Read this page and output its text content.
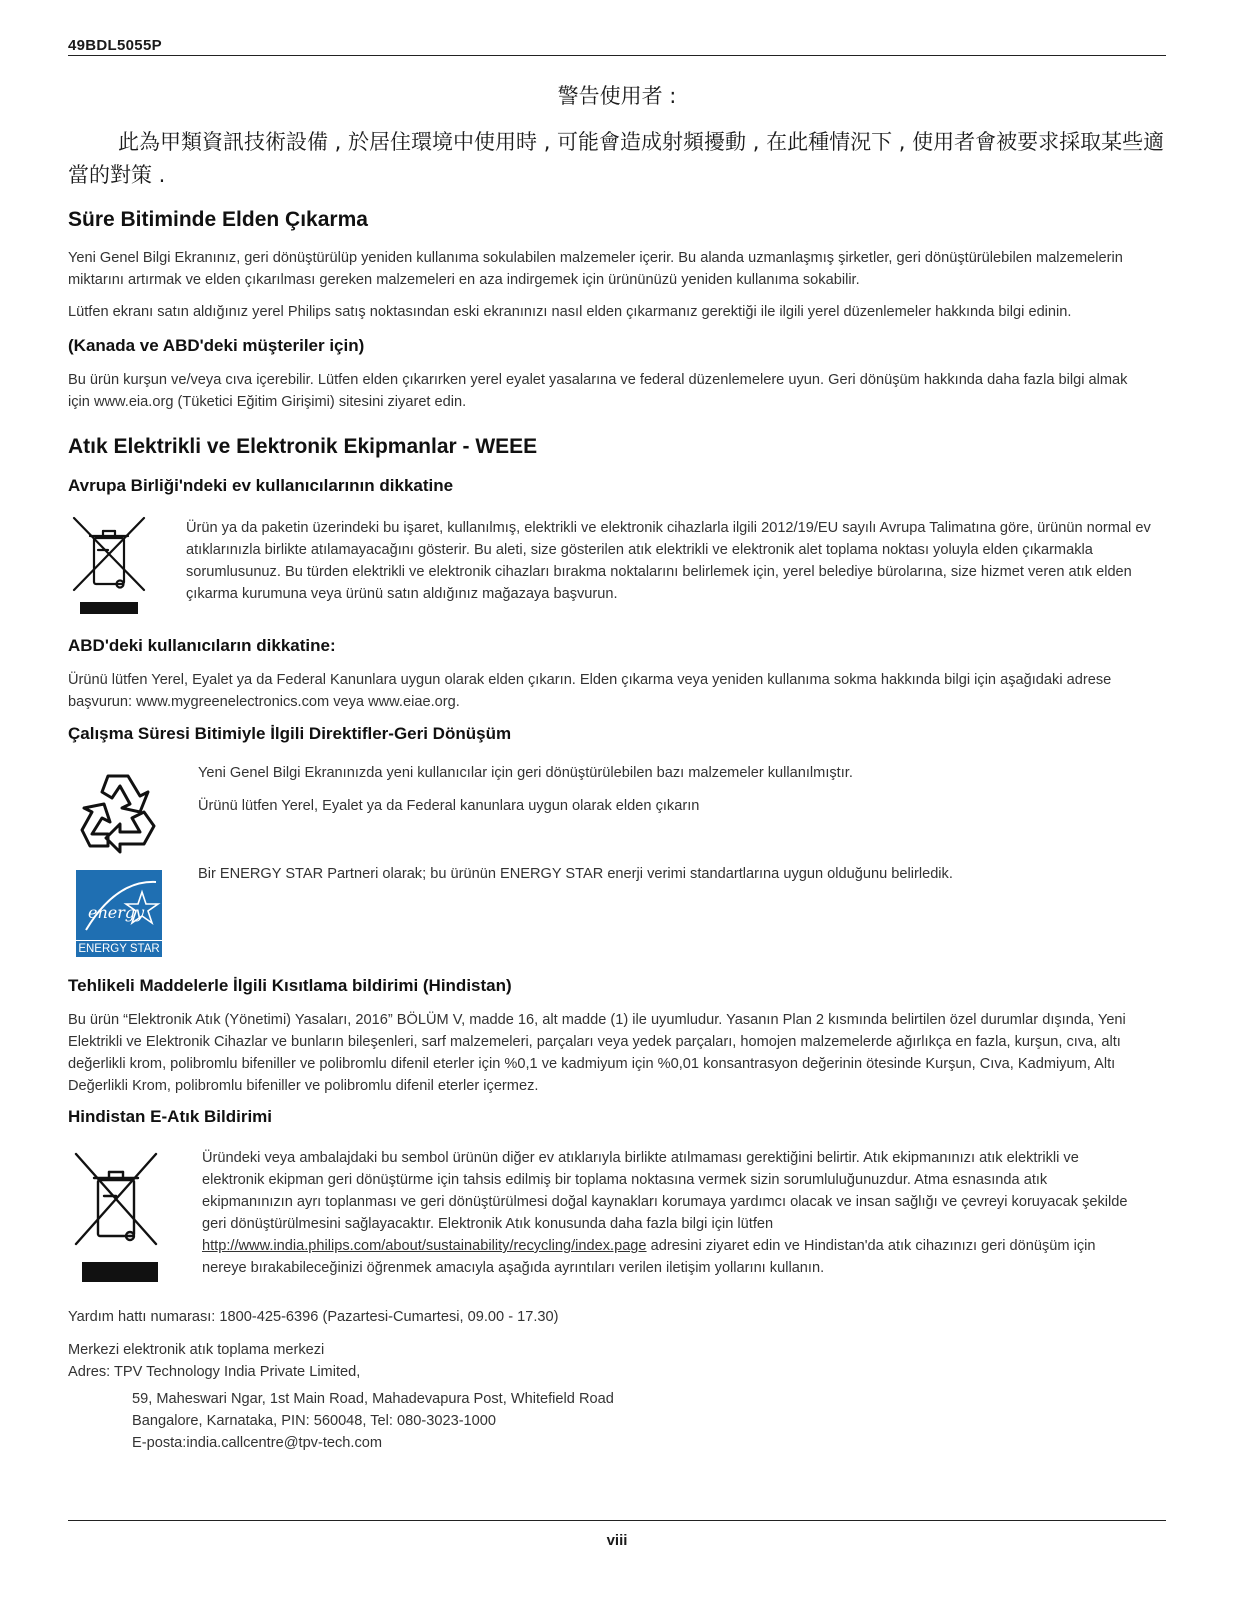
49BDL5055P
警告使用者 :
此為甲類資訊技術設備 , 於居住環境中使用時 , 可能會造成射頻擾動 , 在此種情況下 , 使用者會被要求採取某些適當的對策 .
Süre Bitiminde Elden Çıkarma
Yeni Genel Bilgi Ekranınız, geri dönüştürülüp yeniden kullanıma sokulabilen malzemeler içerir. Bu alanda uzmanlaşmış şirketler, geri dönüştürülebilen malzemelerin miktarını artırmak ve elden çıkarılması gereken malzemeleri en aza indirgemek için ürününüzü yeniden kullanıma sokabilir.
Lütfen ekranı satın aldığınız yerel Philips satış noktasından eski ekranınızı nasıl elden çıkarmanız gerektiği ile ilgili yerel düzenlemeler hakkında bilgi edinin.
(Kanada ve ABD'deki müşteriler için)
Bu ürün kurşun ve/veya cıva içerebilir. Lütfen elden çıkarırken yerel eyalet yasalarına ve federal düzenlemelere uyun. Geri dönüşüm hakkında daha fazla bilgi almak için www.eia.org (Tüketici Eğitim Girişimi) sitesini ziyaret edin.
Atık Elektrikli ve Elektronik Ekipmanlar - WEEE
Avrupa Birliği'ndeki ev kullanıcılarının dikkatine
Ürün ya da paketin üzerindeki bu işaret, kullanılmış, elektrikli ve elektronik cihazlarla ilgili 2012/19/EU sayılı Avrupa Talimatına göre, ürünün normal ev atıklarınızla birlikte atılamayacağını gösterir. Bu aleti, size gösterilen atık elektrikli ve elektronik alet toplama noktası yoluyla elden çıkarmakla sorumlusunuz. Bu türden elektrikli ve elektronik cihazları bırakma noktalarını belirlemek için, yerel belediye bürolarına, size hizmet veren atık elden çıkarma kurumuna veya ürünü satın aldığınız mağazaya başvurun.
ABD'deki kullanıcıların dikkatine:
Ürünü lütfen Yerel, Eyalet ya da Federal Kanunlara uygun olarak elden çıkarın. Elden çıkarma veya yeniden kullanıma sokma hakkında bilgi için aşağıdaki adrese başvurun: www.mygreenelectronics.com veya www.eiae.org.
Çalışma Süresi Bitimiyle İlgili Direktifler-Geri Dönüşüm
Yeni Genel Bilgi Ekranınızda yeni kullanıcılar için geri dönüştürülebilen bazı malzemeler kullanılmıştır.
Ürünü lütfen Yerel, Eyalet ya da Federal kanunlara uygun olarak elden çıkarın
energy
ENERGY STAR
Bir ENERGY STAR Partneri olarak; bu ürünün ENERGY STAR enerji verimi standartlarına uygun olduğunu belirledik.
Tehlikeli Maddelerle İlgili Kısıtlama bildirimi (Hindistan)
Bu ürün “Elektronik Atık (Yönetimi) Yasaları, 2016” BÖLÜM V, madde 16, alt madde (1) ile uyumludur. Yasanın Plan 2 kısmında belirtilen özel durumlar dışında, Yeni Elektrikli ve Elektronik Cihazlar ve bunların bileşenleri, sarf malzemeleri, parçaları veya yedek parçaları, homojen malzemelerde ağırlıkça en fazla, kurşun, cıva, altı değerlikli krom, polibromlu bifeniller ve polibromlu difenil eterler için %0,1 ve kadmiyum için %0,01 konsantrasyon değerinin ötesinde Kurşun, Cıva, Kadmiyum, Altı Değerlikli Krom, polibromlu bifeniller ve polibromlu difenil eterler içermez.
Hindistan E-Atık Bildirimi
Üründeki veya ambalajdaki bu sembol ürünün diğer ev atıklarıyla birlikte atılmaması gerektiğini belirtir. Atık ekipmanınızı atık elektrikli ve elektronik ekipman geri dönüştürme için tahsis edilmiş bir toplama noktasına vermek sizin sorumluluğunuzdur. Atma esnasında atık ekipmanınızın ayrı toplanması ve geri dönüştürülmesi doğal kaynakları korumaya yardımcı olacak ve insan sağlığı ve çevreyi koruyacak şekilde geri dönüştürülmesini sağlayacaktır. Elektronik Atık konusunda daha fazla bilgi için lütfen http://www.india.philips.com/about/sustainability/recycling/index.page adresini ziyaret edin ve Hindistan'da atık cihazınızı geri dönüşüm için nereye bırakabileceğinizi öğrenmek amacıyla aşağıda ayrıntıları verilen iletişim yollarını kullanın.
Yardım hattı numarası: 1800-425-6396 (Pazartesi-Cumartesi, 09.00 - 17.30)
Merkezi elektronik atık toplama merkezi
Adres: TPV Technology India Private Limited,
59, Maheswari Ngar, 1st Main Road, Mahadevapura Post, Whitefield Road
Bangalore, Karnataka, PIN: 560048, Tel: 080-3023-1000
E-posta:india.callcentre@tpv-tech.com
viii
